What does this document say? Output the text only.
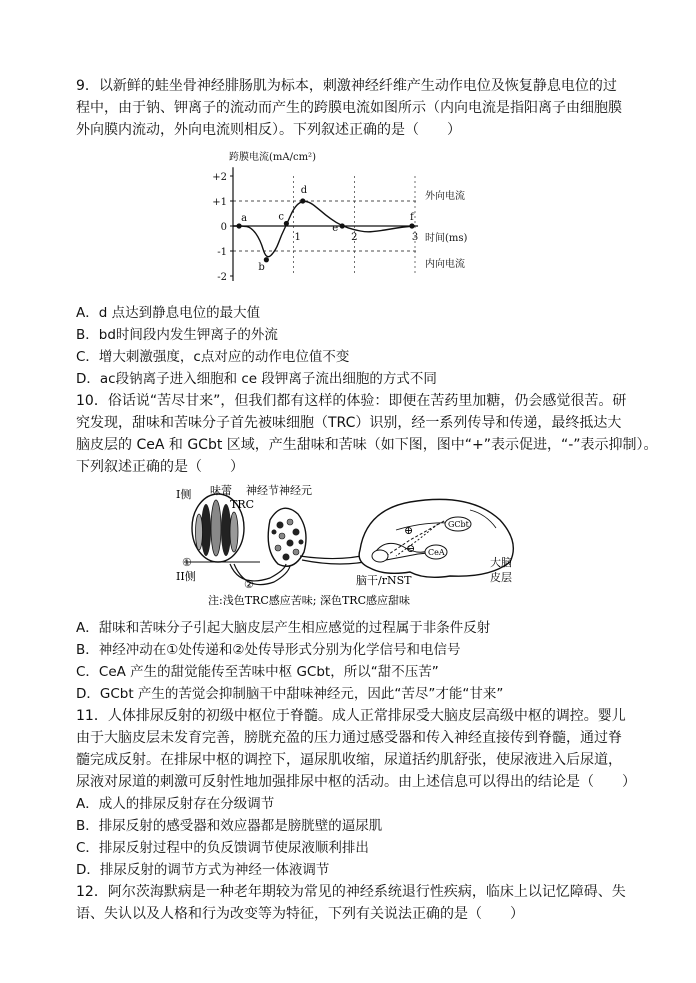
9．以新鲜的蛙坐骨神经腓肠肌为标本，刺激神经纤维产生动作电位及恢复静息电位的过
程中，由于钠、钾离子的流动而产生的跨膜电流如图所示（内向电流是指阳离子由细胞膜
外向膜内流动，外向电流则相反）。下列叙述正确的是（　　）
+2
+1
0
-1
-2
1	2	3
跨膜电流(mA/cm²)
时间(ms)
外向电流
内向电流
a
b
c
d
e
f
A．d 点达到静息电位的最大值
B．bd时间段内发生钾离子的外流
C．增大刺激强度，c点对应的动作电位值不变
D．ac段钠离子进入细胞和 ce 段钾离子流出细胞的方式不同
10．俗话说“苦尽甘来”，但我们都有这样的体验：即便在苦药里加糖，仍会感觉很苦。研
究发现，甜味和苦味分子首先被味细胞（TRC）识别，经一系列传导和传递，最终抵达大
脑皮层的 CeA 和 GCbt 区域，产生甜味和苦味（如下图，图中“+”表示促进，“-”表示抑制）。
下列叙述正确的是（　　）
I侧
II侧
味蕾 神经节神经元
TRC
①
②
GCbt
CeA
⊕
⊖
大脑
皮层
脑干/rNST
注:浅色TRC感应苦味; 深色TRC感应甜味
A．甜味和苦味分子引起大脑皮层产生相应感觉的过程属于非条件反射
B．神经冲动在①处传递和②处传导形式分别为化学信号和电信号
C．CeA 产生的甜觉能传至苦味中枢 GCbt，所以“甜不压苦”
D．GCbt 产生的苦觉会抑制脑干中甜味神经元，因此“苦尽”才能“甘来”
11．人体排尿反射的初级中枢位于脊髓。成人正常排尿受大脑皮层高级中枢的调控。婴儿
由于大脑皮层未发育完善，膀胱充盈的压力通过感受器和传入神经直接传到脊髓，通过脊
髓完成反射。在排尿中枢的调控下，逼尿肌收缩，尿道括约肌舒张，使尿液进入后尿道，
尿液对尿道的刺激可反射性地加强排尿中枢的活动。由上述信息可以得出的结论是（　　）
A．成人的排尿反射存在分级调节
B．排尿反射的感受器和效应器都是膀胱壁的逼尿肌
C．排尿反射过程中的负反馈调节使尿液顺利排出
D．排尿反射的调节方式为神经一体液调节
12．阿尔茨海默病是一种老年期较为常见的神经系统退行性疾病，临床上以记忆障碍、失
语、失认以及人格和行为改变等为特征，下列有关说法正确的是（　　）
